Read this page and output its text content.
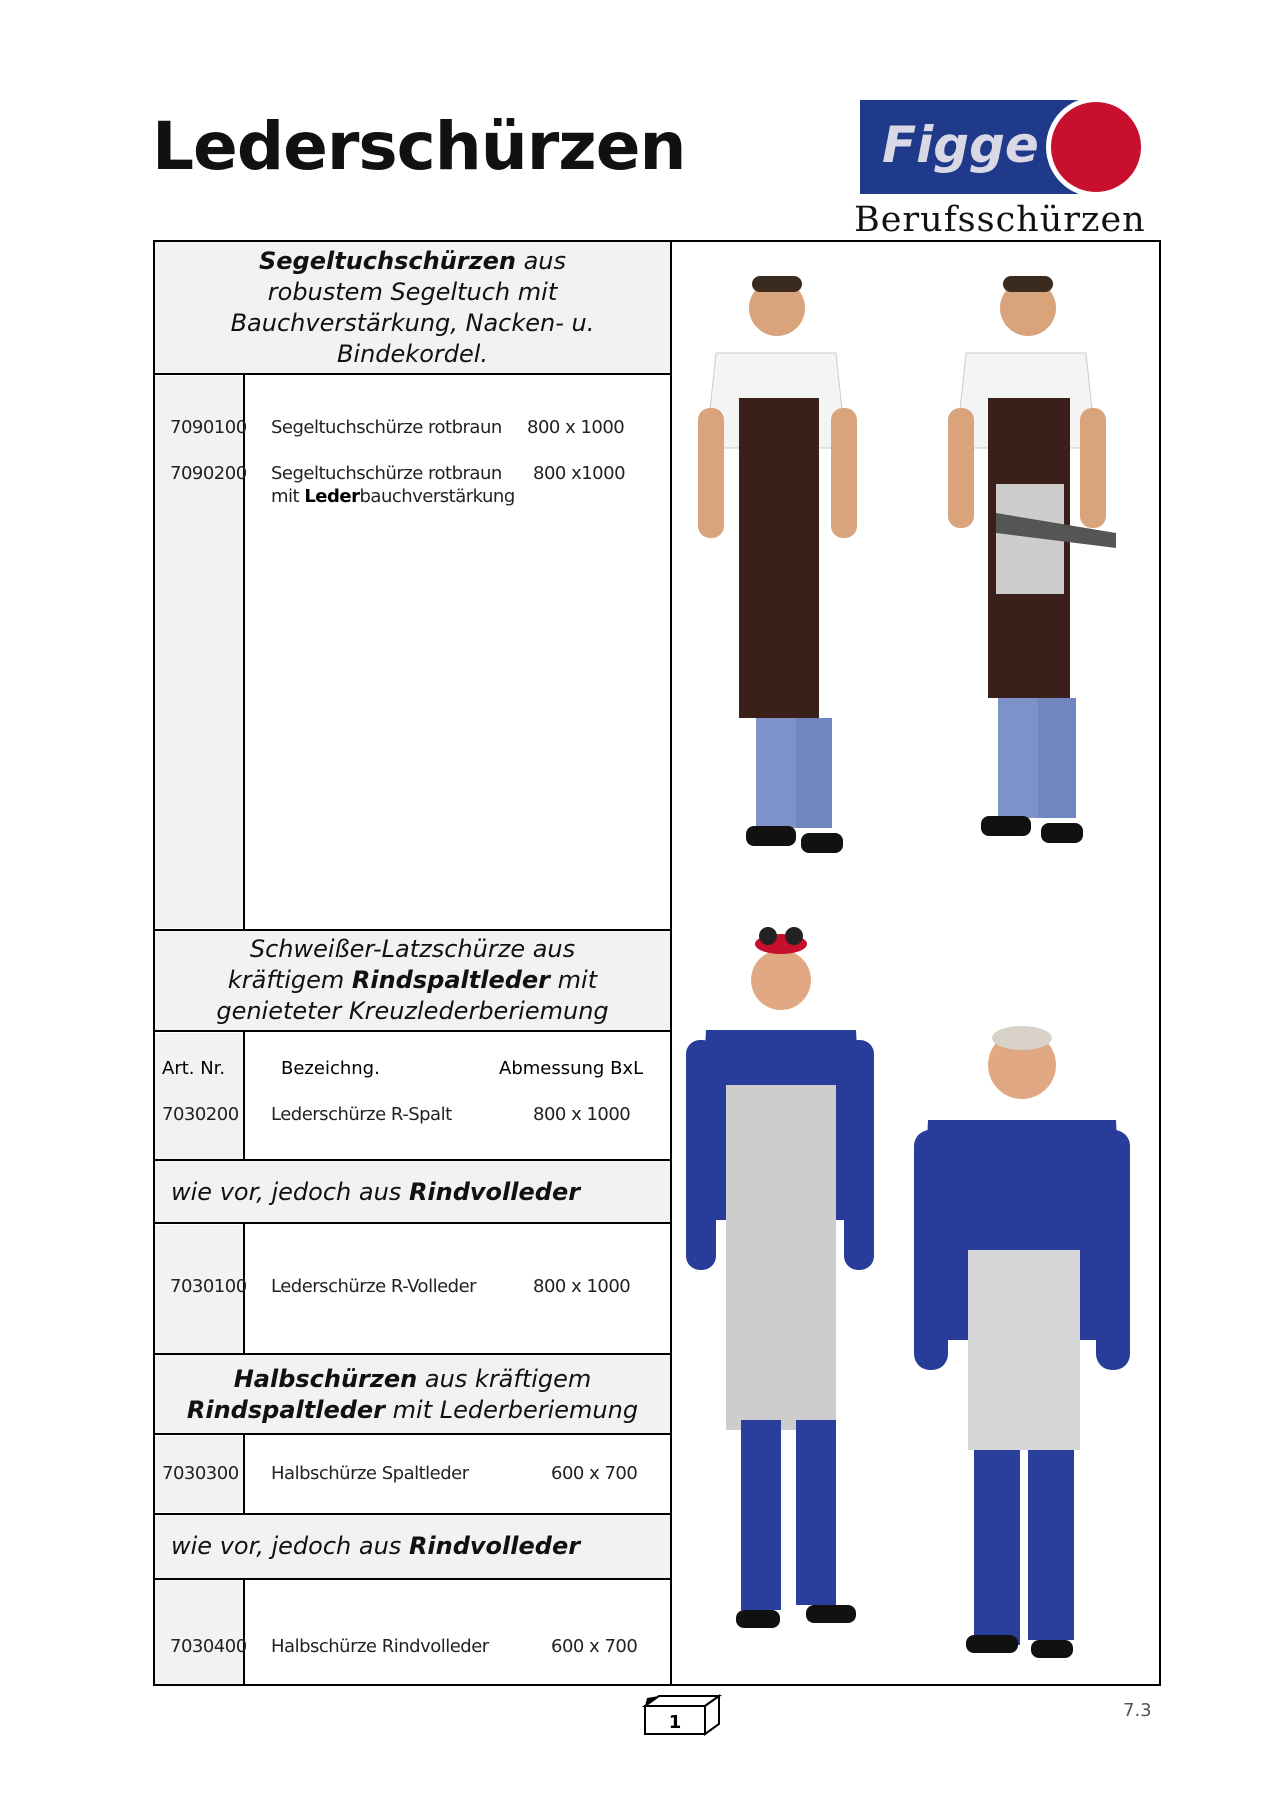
Lederschürzen	Figge
Berufsschürzen
Segeltuchschürzen aus
robustem Segeltuch mit
Bauchverstärkung, Nacken- u.
Bindekordel.
Schweißer-Latzschürze aus
kräftigem Rindspaltleder mit
genieteter Kreuzlederberiemung
wie vor, jedoch aus Rindvolleder
Halbschürzen aus kräftigem
Rindspaltleder mit Lederberiemung
wie vor, jedoch aus Rindvolleder
7090100 Segeltuchschürze rotbraun 800 x 1000
7090200 Segeltuchschürze rotbraun 800 x1000
mit Lederbauchverstärkung
Art. Nr.	Bezeichng.	Abmessung BxL
7030200 Lederschürze R-Spalt	800 x 1000
7030100 Lederschürze R-Volleder	800 x 1000
7030300 Halbschürze Spaltleder	600 x 700
7030400 Halbschürze Rindvolleder	600 x 700
1
7.3
